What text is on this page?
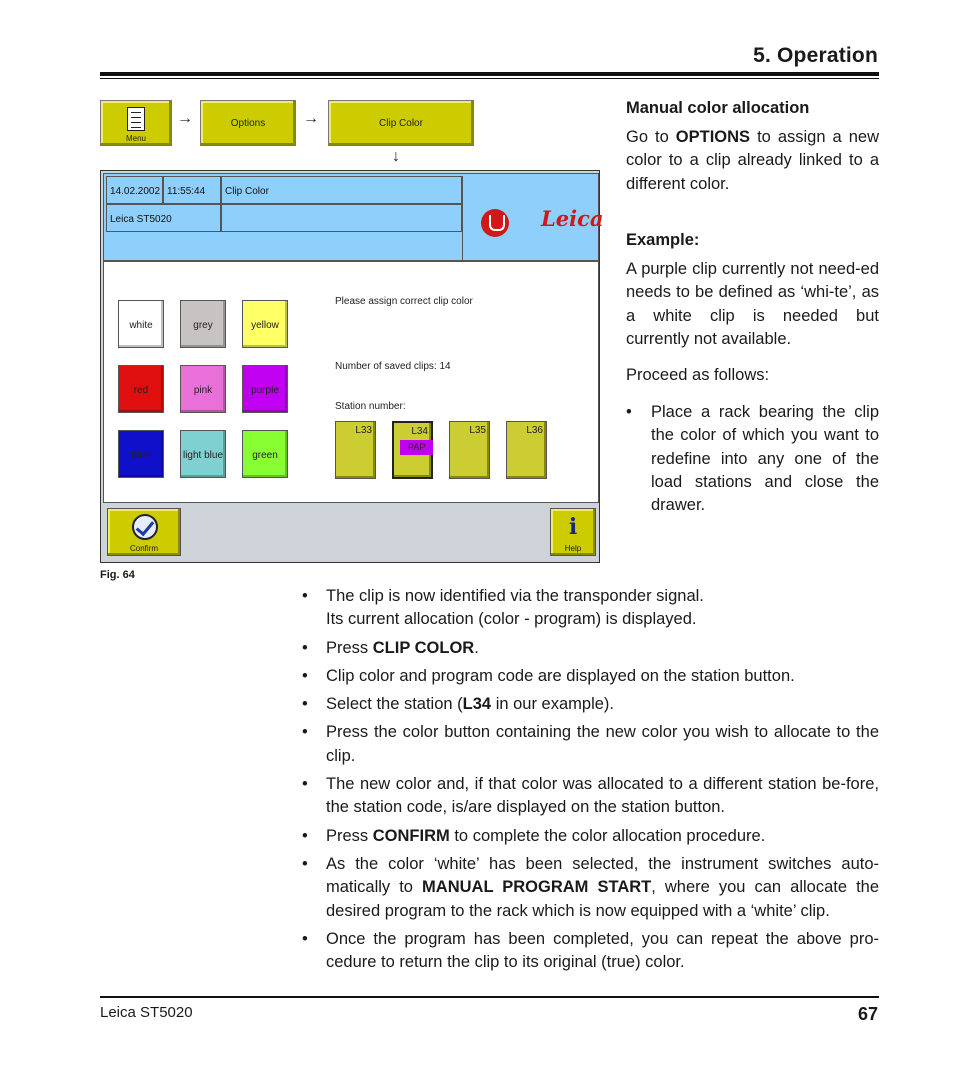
5. Operation
Menu
→	Options	→	Clip Color
↓
14.02.2002 11:55:44	Clip Color
Leica ST5020	Leica
white	grey	yellow
red	pink	purple
blue	light blue	green
Please assign correct clip color
Number of saved clips: 14
Station number:
L33	L34
PAP
L35	L36
Confirm
i
Help
Fig. 64
Manual color allocation
Go to OPTIONS to assign a new color to a clip already linked to a different color.
Example:
A purple clip currently not need-ed needs to be defined as ‘whi-te’, as a white clip is needed but currently not available.
Proceed as follows:
• Place a rack bearing the clip the color of which you want to redefine into any one of the load stations and close the drawer.
• The clip is now identified via the transponder signal.
Its current allocation (color - program) is displayed.
• Press CLIP COLOR.
• Clip color and program code are displayed on the station button.
• Select the station (L34 in our example).
• Press the color button containing the new color you wish to allocate to the clip.
• The new color and, if that color was allocated to a different station be-fore, the station code, is/are displayed on the station button.
• Press CONFIRM to complete the color allocation procedure.
• As the color ‘white’ has been selected, the instrument switches auto-matically to MANUAL PROGRAM START, where you can allocate the desired program to the rack which is now equipped with a ‘white’ clip.
• Once the program has been completed, you can repeat the above pro-cedure to return the clip to its original (true) color.
Leica ST5020	67
